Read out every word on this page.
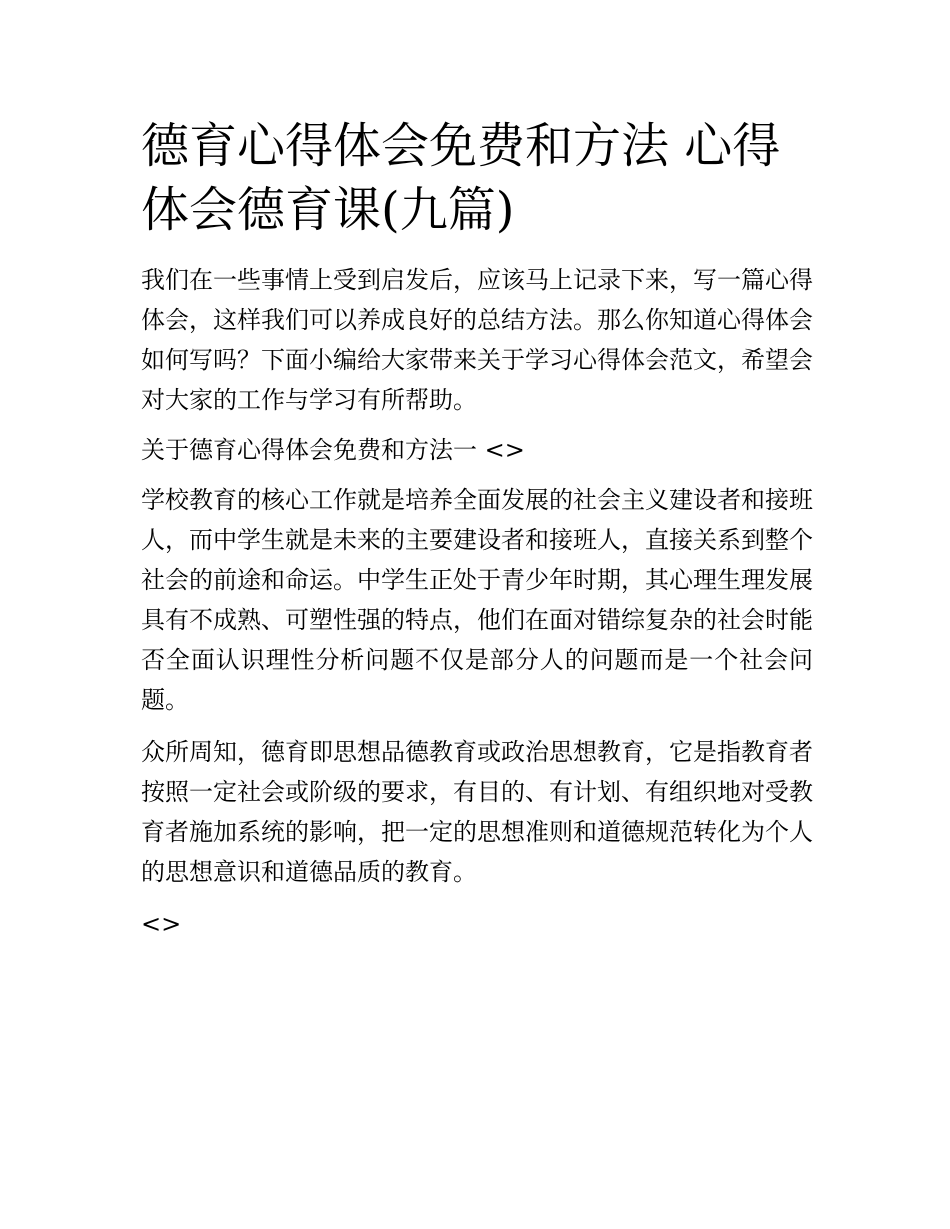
德育心得体会免费和方法 心得体会德育课(九篇)

我们在一些事情上受到启发后，应该马上记录下来，写一篇心得体会，这样我们可以养成良好的总结方法。那么你知道心得体会如何写吗？下面小编给大家带来关于学习心得体会范文，希望会对大家的工作与学习有所帮助。

关于德育心得体会免费和方法一 <>

学校教育的核心工作就是培养全面发展的社会主义建设者和接班人，而中学生就是未来的主要建设者和接班人，直接关系到整个社会的前途和命运。中学生正处于青少年时期，其心理生理发展具有不成熟、可塑性强的特点，他们在面对错综复杂的社会时能否全面认识理性分析问题不仅是部分人的问题而是一个社会问题。

众所周知，德育即思想品德教育或政治思想教育，它是指教育者按照一定社会或阶级的要求，有目的、有计划、有组织地对受教育者施加系统的影响，把一定的思想准则和道德规范转化为个人的思想意识和道德品质的教育。

<>
